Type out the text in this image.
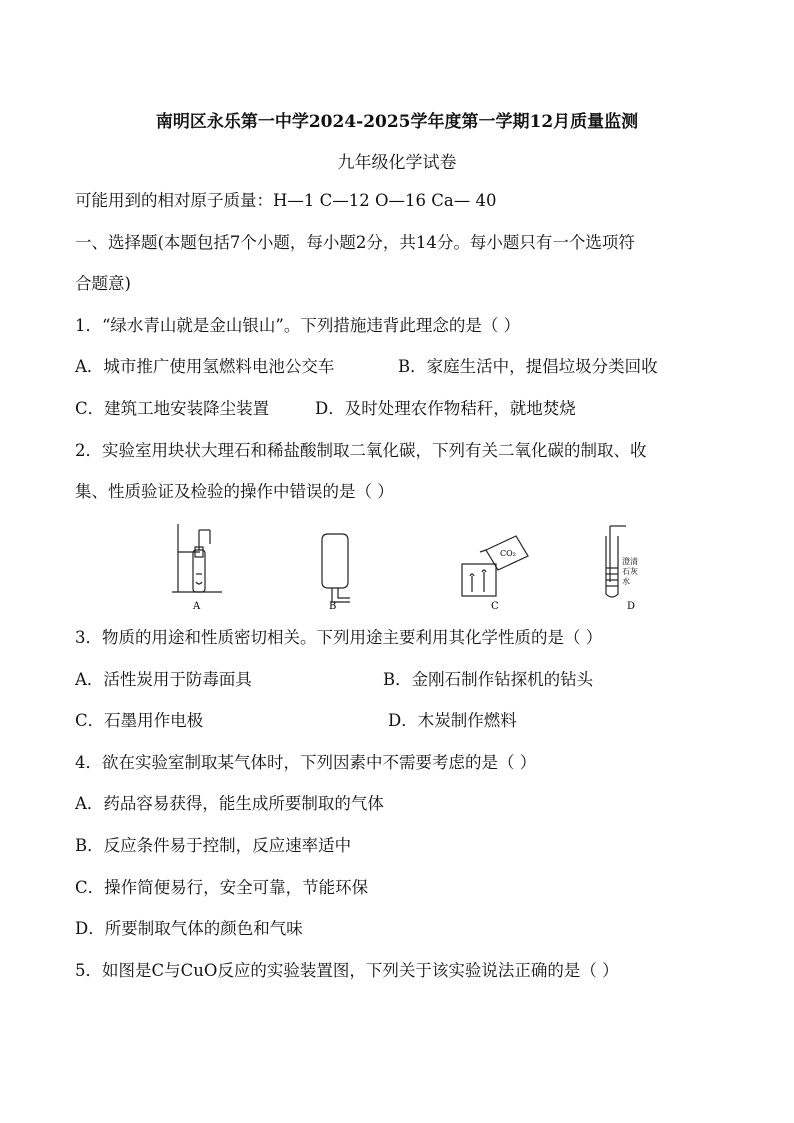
南明区永乐第一中学2024-2025学年度第一学期12月质量监测
九年级化学试卷
可能用到的相对原子质量：H—1 C—12 O—16 Ca— 40
一、选择题(本题包括7个小题，每小题2分，共14分。每小题只有一个选项符
合题意)
1．“绿水青山就是金山银山”。下列措施违背此理念的是（ ）
A．城市推广使用氢燃料电池公交车	B．家庭生活中，提倡垃圾分类回收
C．建筑工地安装降尘装置	D．及时处理农作物秸秆，就地焚烧
2．实验室用块状大理石和稀盐酸制取二氧化碳，下列有关二氧化碳的制取、收
集、性质验证及检验的操作中错误的是（ ）
A	B
CO₂
C
澄清
石灰
水
D
3．物质的用途和性质密切相关。下列用途主要利用其化学性质的是（ ）
A．活性炭用于防毒面具	B．金刚石制作钻探机的钻头
C．石墨用作电极	D．木炭制作燃料
4．欲在实验室制取某气体时，下列因素中不需要考虑的是（ ）
A．药品容易获得，能生成所要制取的气体
B．反应条件易于控制，反应速率适中
C．操作简便易行，安全可靠，节能环保
D．所要制取气体的颜色和气味
5．如图是C与CuO反应的实验装置图，下列关于该实验说法正确的是（ ）
